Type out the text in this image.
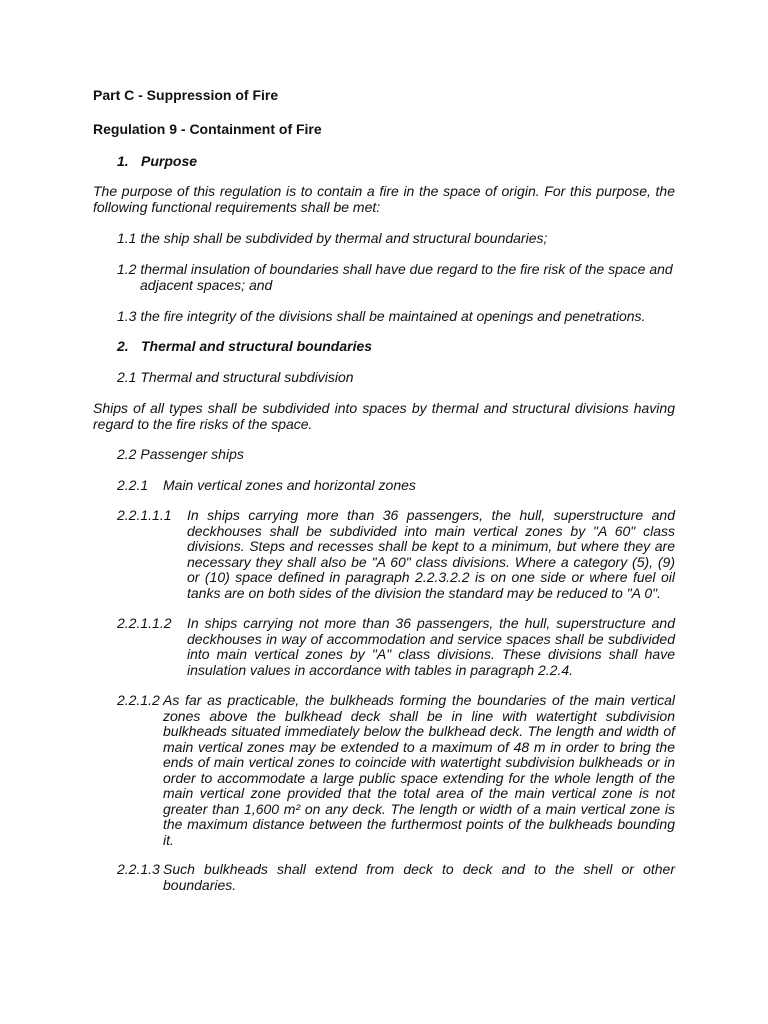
Part C - Suppression of Fire

Regulation 9 - Containment of Fire

1. Purpose

The purpose of this regulation is to contain a fire in the space of origin. For this purpose, the following functional requirements shall be met:

1.1 the ship shall be subdivided by thermal and structural boundaries;

1.2 thermal insulation of boundaries shall have due regard to the fire risk of the space and adjacent spaces; and

1.3 the fire integrity of the divisions shall be maintained at openings and penetrations.

2. Thermal and structural boundaries

2.1 Thermal and structural subdivision

Ships of all types shall be subdivided into spaces by thermal and structural divisions having regard to the fire risks of the space.

2.2 Passenger ships

2.2.1	Main vertical zones and horizontal zones
2.2.1.1.1	In ships carrying more than 36 passengers, the hull, superstructure and deckhouses shall be subdivided into main vertical zones by "A 60" class divisions. Steps and recesses shall be kept to a minimum, but where they are necessary they shall also be "A 60" class divisions. Where a category (5), (9) or (10) space defined in paragraph 2.2.3.2.2 is on one side or where fuel oil tanks are on both sides of the division the standard may be reduced to "A 0".
2.2.1.1.2	In ships carrying not more than 36 passengers, the hull, superstructure and deckhouses in way of accommodation and service spaces shall be subdivided into main vertical zones by "A" class divisions. These divisions shall have insulation values in accordance with tables in paragraph 2.2.4.
2.2.1.2 As far as practicable, the bulkheads forming the boundaries of the main vertical zones above the bulkhead deck shall be in line with watertight subdivision bulkheads situated immediately below the bulkhead deck. The length and width of main vertical zones may be extended to a maximum of 48 m in order to bring the ends of main vertical zones to coincide with watertight subdivision bulkheads or in order to accommodate a large public space extending for the whole length of the main vertical zone provided that the total area of the main vertical zone is not greater than 1,600 m² on any deck. The length or width of a main vertical zone is the maximum distance between the furthermost points of the bulkheads bounding it.
2.2.1.3 Such bulkheads shall extend from deck to deck and to the shell or other boundaries.
